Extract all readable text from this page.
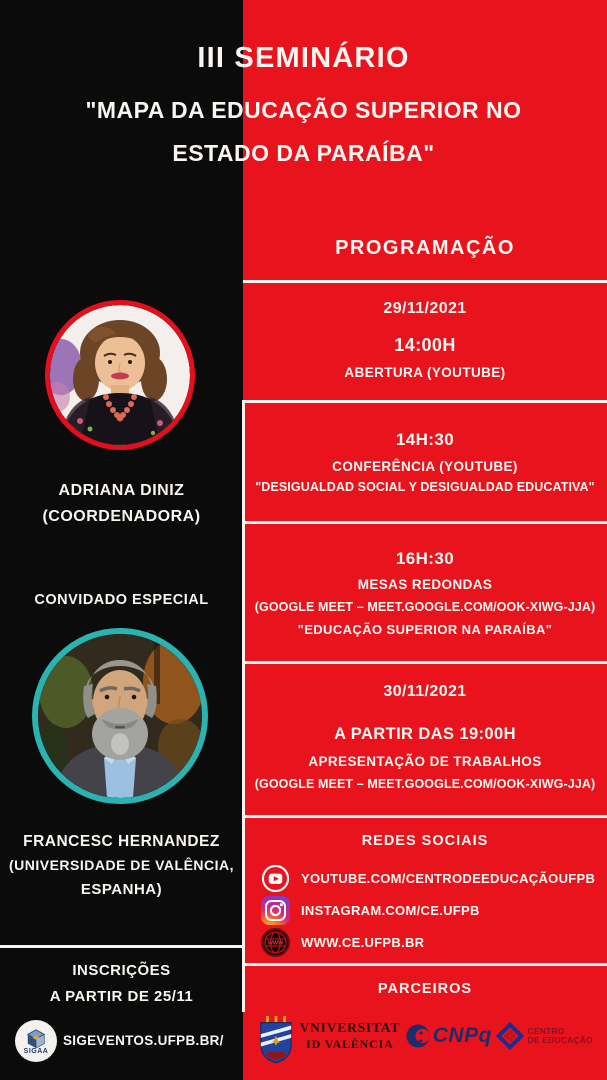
III SEMINÁRIO
"MAPA DA EDUCAÇÃO SUPERIOR NO
ESTADO DA PARAÍBA"
ADRIANA DINIZ
(COORDENADORA)
CONVIDADO ESPECIAL
FRANCESC HERNANDEZ
(UNIVERSIDADE DE VALÊNCIA,
ESPANHA)
INSCRIÇÕES
A PARTIR DE 25/11
SIGAA
SIGEVENTOS.UFPB.BR/
PROGRAMAÇÃO
29/11/2021
14:00H
ABERTURA (YOUTUBE)
14H:30
CONFERÊNCIA (YOUTUBE)
"DESIGUALDAD SOCIAL Y DESIGUALDAD EDUCATIVA"
16H:30
MESAS REDONDAS
(GOOGLE MEET – MEET.GOOGLE.COM/OOK-XIWG-JJA)
"EDUCAÇÃO SUPERIOR NA PARAÍBA"
30/11/2021
A PARTIR DAS 19:00H
APRESENTAÇÃO DE TRABALHOS
(GOOGLE MEET – MEET.GOOGLE.COM/OOK-XIWG-JJA)
REDES SOCIAIS
YOUTUBE.COM/CENTRODEEDUCAÇÃOUFPB
INSTAGRAM.COM/CE.UFPB
WWW WWW.CE.UFPB.BR
PARCEIROS
VNIVERSITAT
ID VALÈNCIA	CNPq	CENTRO
DE EDUCAÇÃO
